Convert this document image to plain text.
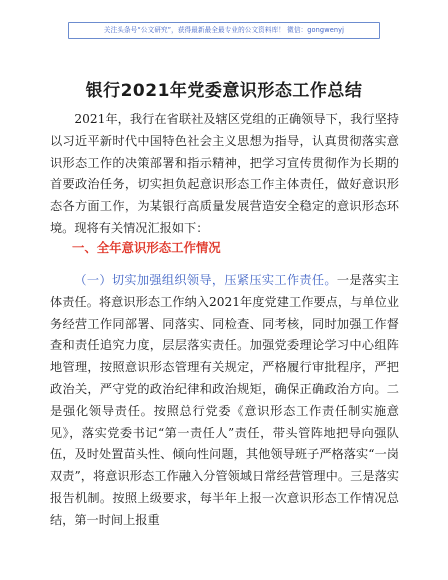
关注头条号“公文研究”，获得最新最全最专业的公文资料库！ 微信：gongwenyj
银行2021年党委意识形态工作总结
2021年，我行在省联社及辖区党组的正确领导下，我行坚持以习近平新时代中国特色社会主义思想为指导，认真贯彻落实意识形态工作的决策部署和指示精神，把学习宣传贯彻作为长期的首要政治任务，切实担负起意识形态工作主体责任，做好意识形态各方面工作，为某银行高质量发展营造安全稳定的意识形态环境。现将有关情况汇报如下：
一、全年意识形态工作情况
（一）切实加强组织领导，压紧压实工作责任。一是落实主体责任。将意识形态工作纳入2021年度党建工作要点，与单位业务经营工作同部署、同落实、同检查、同考核，同时加强工作督查和责任追究力度，层层落实责任。加强党委理论学习中心组阵地管理，按照意识形态管理有关规定，严格履行审批程序，严把政治关，严守党的政治纪律和政治规矩，确保正确政治方向。二是强化领导责任。按照总行党委《意识形态工作责任制实施意见》，落实党委书记“第一责任人”责任，带头管阵地把导向强队伍，及时处置苗头性、倾向性问题，其他领导班子严格落实“一岗双责”，将意识形态工作融入分管领域日常经营管理中。三是落实报告机制。按照上级要求，每半年上报一次意识形态工作情况总结，第一时间上报重
